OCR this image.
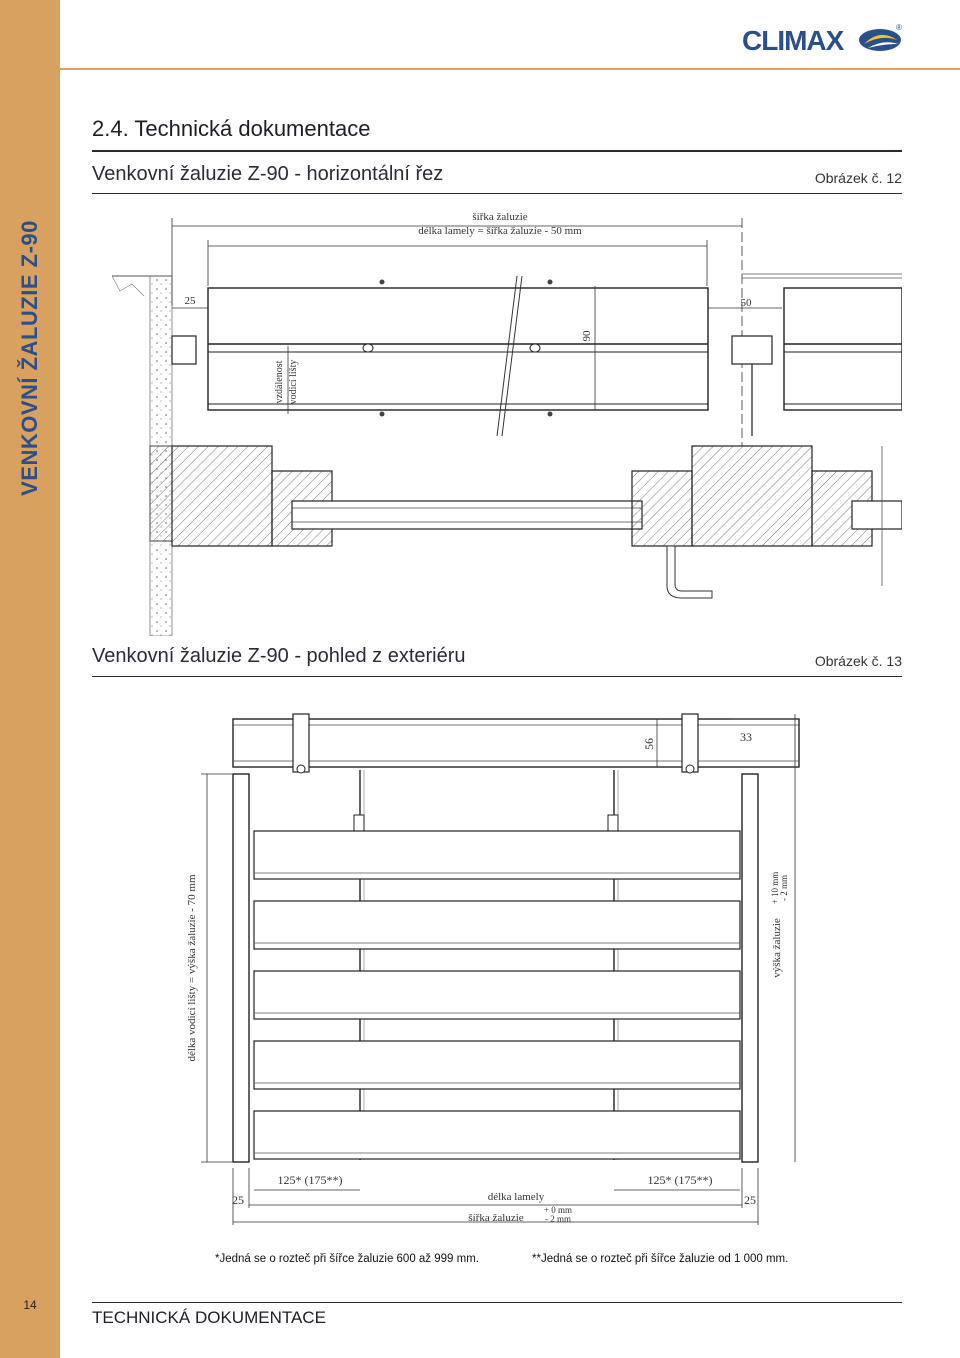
VENKOVNÍ ŽALUZIE Z-90
14
CLIMAX	®
2.4. Technická dokumentace
Venkovní žaluzie Z-90 - horizontální řez	Obrázek č. 12
šířka žaluzie
délka lamely = šířka žaluzie - 50 mm
25	50
90
vzdálenost vodicí lišty
Venkovní žaluzie Z-90 - pohled z exteriéru	Obrázek č. 13
56	33
délka vodicí lišty = výška žaluzie - 70 mm	výška žaluzie
+ 10 mm - 2 mm
25	25
125* (175**)	125* (175**)
délka lamely
šířka žaluzie
+ 0 mm
- 2 mm
*Jedná se o rozteč při šířce žaluzie 600 až 999 mm.	**Jedná se o rozteč při šířce žaluzie od 1 000 mm.
TECHNICKÁ DOKUMENTACE
